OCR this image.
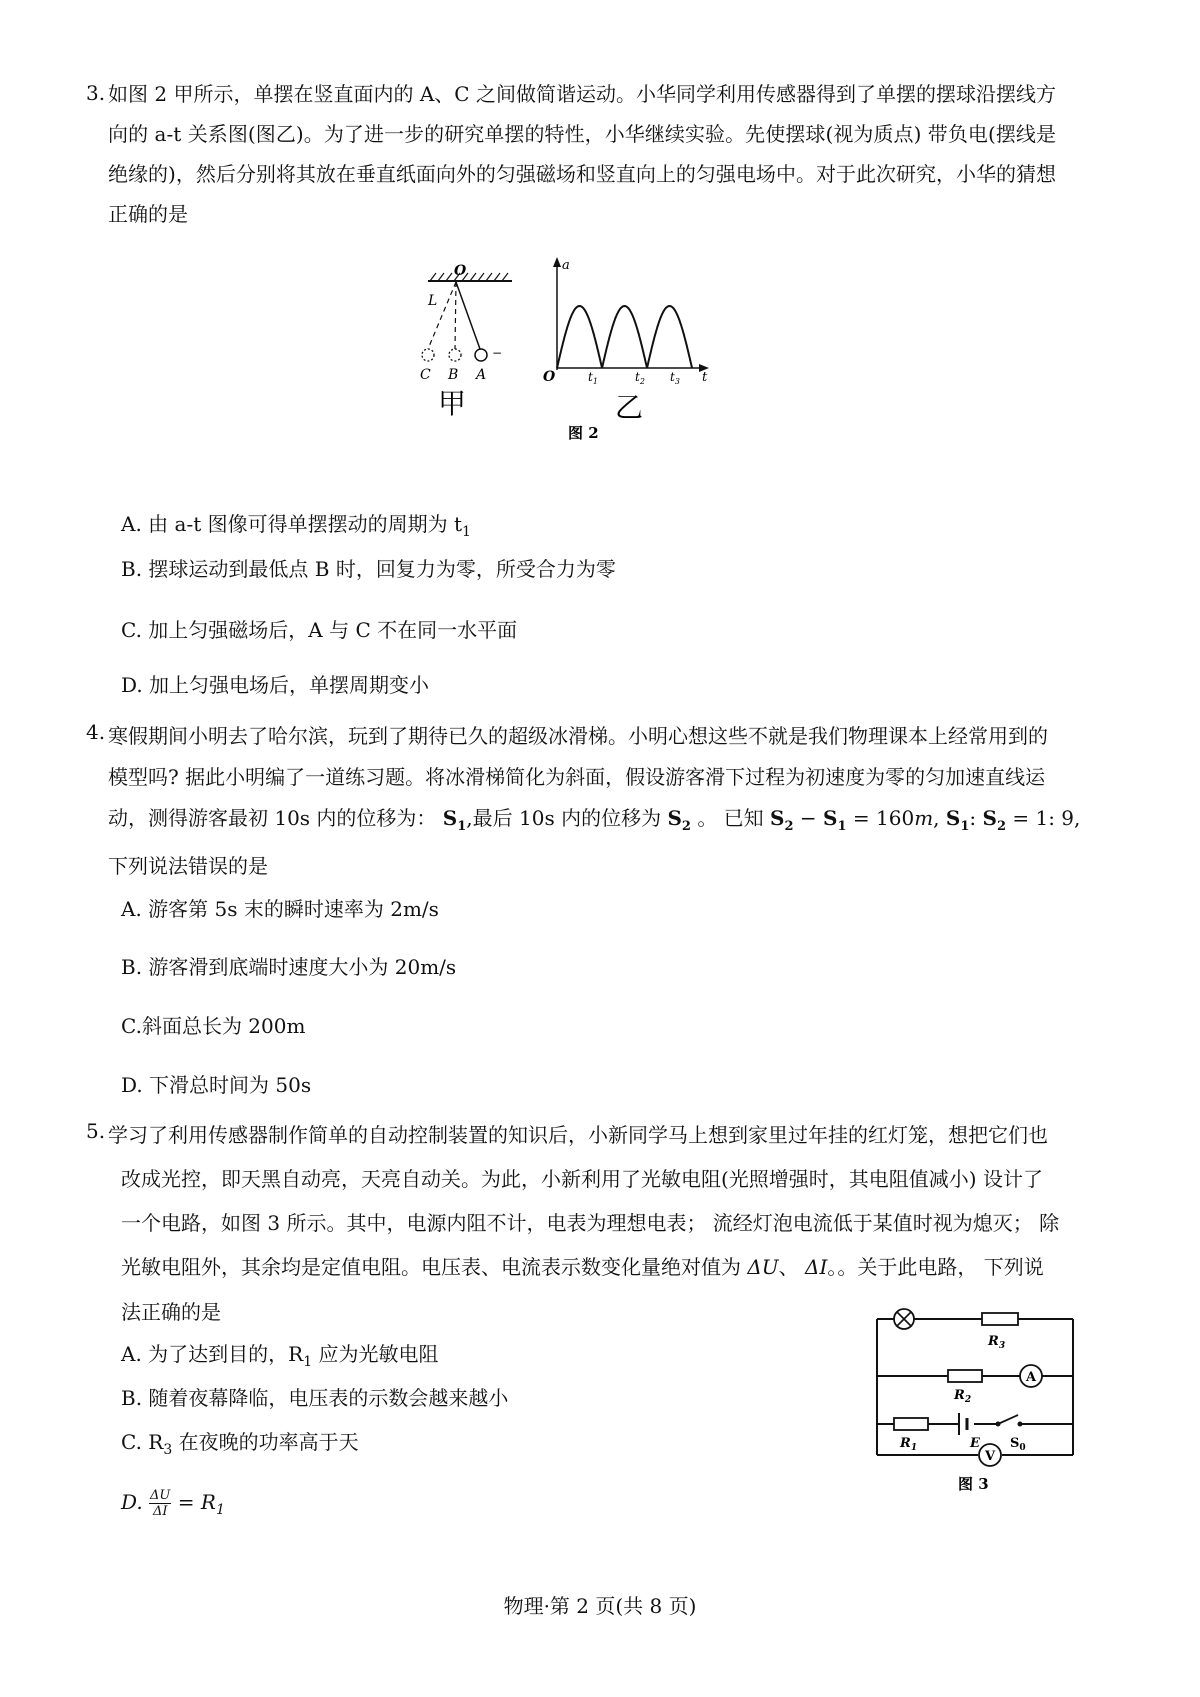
3. 如图 2 甲所示，单摆在竖直面内的 A、C 之间做简谐运动。小华同学利用传感器得到了单摆的摆球沿摆线方向的 a-t 关系图(图乙)。为了进一步的研究单摆的特性，小华继续实验。先使摆球(视为质点) 带负电(摆线是绝缘的)，然后分别将其放在垂直纸面向外的匀强磁场和竖直向上的匀强电场中。对于此次研究，小华的猜想正确的是
O
−
L
C B A
甲
a
t
O	$t_1$	$t_2$ $t_3$
乙
图 2
A. 由 a-t 图像可得单摆摆动的周期为 $t_1$
B. 摆球运动到最低点 B 时，回复力为零，所受合力为零
C. 加上匀强磁场后，A 与 C 不在同一水平面
D. 加上匀强电场后，单摆周期变小
4. 寒假期间小明去了哈尔滨，玩到了期待已久的超级冰滑梯。小明心想这些不就是我们物理课本上经常用到的
模型吗? 据此小明编了一道练习题。将冰滑梯简化为斜面，假设游客滑下过程为初速度为零的匀加速直线运
动，测得游客最初 10s 内的位移为： $S_1$,最后 10s 内的位移为 $S_2$ 。 已知 $S_2 - S_1 = 160m$, $S_1$: $S_2 = 1$: 9,
下列说法错误的是
A. 游客第 5s 末的瞬时速率为 2m/s
B. 游客滑到底端时速度大小为 20m/s
C.斜面总长为 200m
D. 下滑总时间为 50s
5. 学习了利用传感器制作简单的自动控制装置的知识后，小新同学马上想到家里过年挂的红灯笼，想把它们也
改成光控，即天黑自动亮，天亮自动关。为此，小新利用了光敏电阻(光照增强时，其电阻值减小) 设计了
一个电路，如图 3 所示。其中，电源内阻不计，电表为理想电表； 流经灯泡电流低于某值时视为熄灭； 除
光敏电阻外，其余均是定值电阻。电压表、电流表示数变化量绝对值为 ΔU、 ΔI。。关于此电路， 下列说
法正确的是
A. 为了达到目的，$R_1$ 应为光敏电阻
B. 随着夜幕降临，电压表的示数会越来越小
C. $R_3$ 在夜晚的功率高于天
D. $\frac{\Delta U}{\Delta I} = R_1$
$R_3$
$R_2$
A
$R_1$	E $S_0$
V
图 3
物理·第 2 页(共 8 页)
